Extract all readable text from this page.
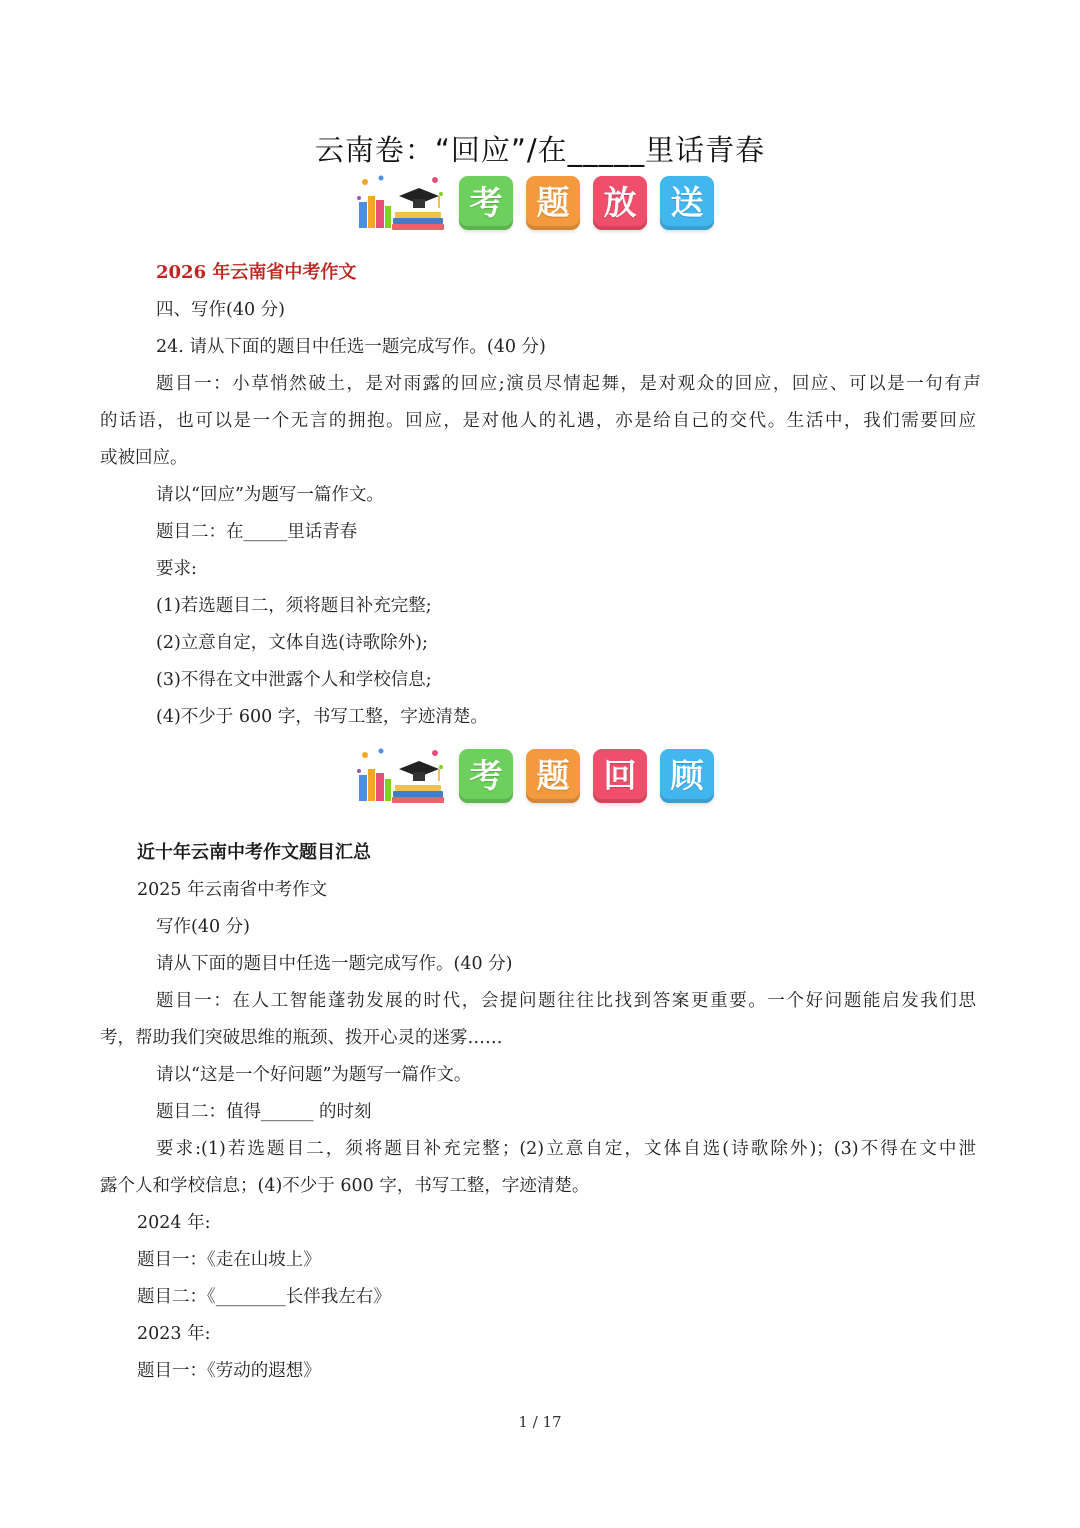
云南卷：“回应”/在_____里话青春
考	题	放	送
2026 年云南省中考作文
四、写作(40 分)
24. 请从下面的题目中任选一题完成写作。(40 分)
题目一：小草悄然破土，是对雨露的回应;演员尽情起舞，是对观众的回应，回应、可以是一句有声
的话语，也可以是一个无言的拥抱。回应，是对他人的礼遇，亦是给自己的交代。生活中，我们需要回应
或被回应。
请以“回应”为题写一篇作文。
题目二：在_____里话青春
要求:
(1)若选题目二，须将题目补充完整;
(2)立意自定，文体自选(诗歌除外);
(3)不得在文中泄露个人和学校信息;
(4)不少于 600 字，书写工整，字迹清楚。
考	题	回	顾
近十年云南中考作文题目汇总
2025 年云南省中考作文
写作(40 分)
请从下面的题目中任选一题完成写作。(40 分)
题目一：在人工智能蓬勃发展的时代，会提问题往往比找到答案更重要。一个好问题能启发我们思
考，帮助我们突破思维的瓶颈、拨开心灵的迷雾……
请以“这是一个好问题”为题写一篇作文。
题目二：值得______ 的时刻
要求:(1)若选题目二，须将题目补充完整；(2)立意自定，文体自选(诗歌除外)；(3)不得在文中泄
露个人和学校信息；(4)不少于 600 字，书写工整，字迹清楚。
2024 年:
题目一：《走在山坡上》
题目二：《________长伴我左右》
2023 年:
题目一：《劳动的遐想》
1 / 17
